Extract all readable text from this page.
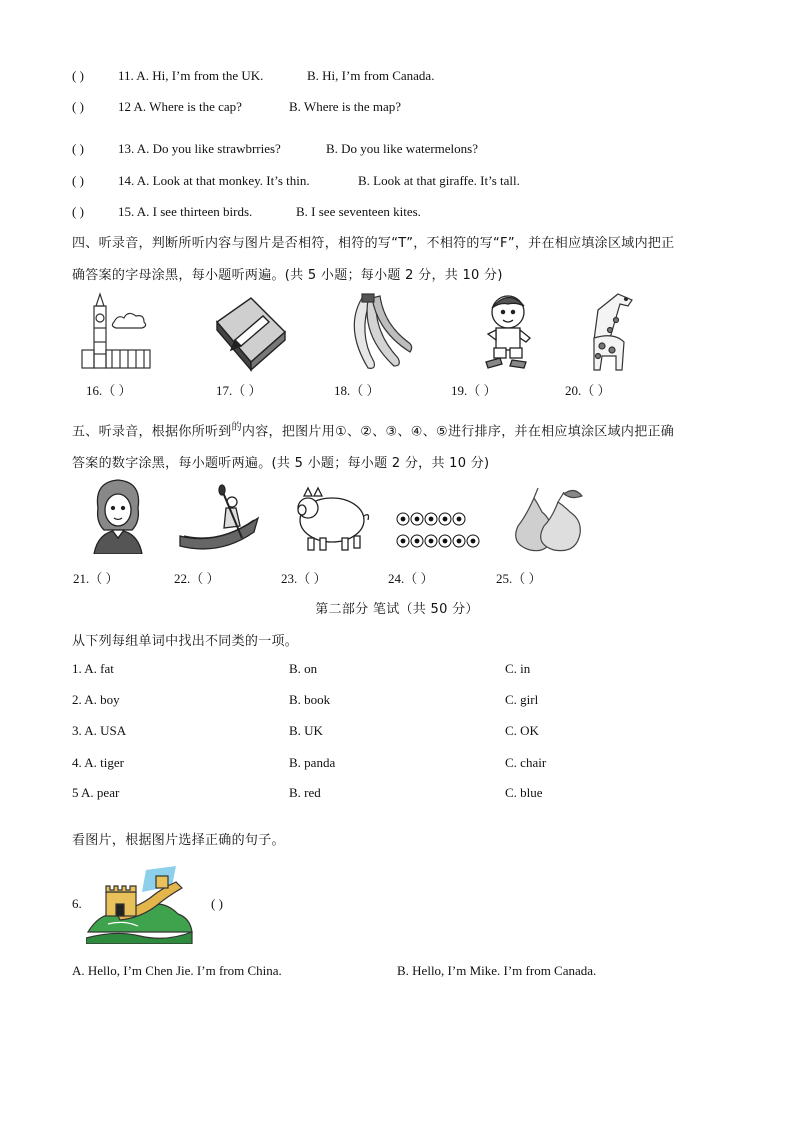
( )	11. A. Hi, I’m from the UK.	B. Hi, I’m from Canada.
( )	12 A. Where is the cap?	B. Where is the map?
( )	13. A. Do you like strawbrries?	B. Do you like watermelons?
( )	14. A. Look at that monkey. It’s thin.	B. Look at that giraffe. It’s tall.
( )	15. A. I see thirteen birds.	B. I see seventeen kites.
四、听录音，判断所听内容与图片是否相符，相符的写“T”，不相符的写“F”，并在相应填涂区域内把正
确答案的字母涂黑，每小题听两遍。(共 5 小题；每小题 2 分，共 10 分)
16.（ ）	17.（ ）	18.（ ）	19.（ ）	20.（ ）
五、听录音，根据你所听到$^的$内容，把图片用①、②、③、④、⑤进行排序，并在相应填涂区域内把正确
答案的数字涂黑，每小题听两遍。(共 5 小题；每小题 2 分，共 10 分)
21.（ ）	22.（ ）	23.（ ）	24.（ ）	25.（ ）
第二部分 笔试（共 50 分）
从下列每组单词中找出不同类的一项。
1. A. fat	B. on	C. in
2. A. boy	B. book	C. girl
3. A. USA	B. UK	C. OK
4. A. tiger	B. panda	C. chair
5 A. pear	B. red	C. blue
看图片，根据图片选择正确的句子。
6.	( )
A. Hello, I’m Chen Jie. I’m from China.	B. Hello, I’m Mike. I’m from Canada.
